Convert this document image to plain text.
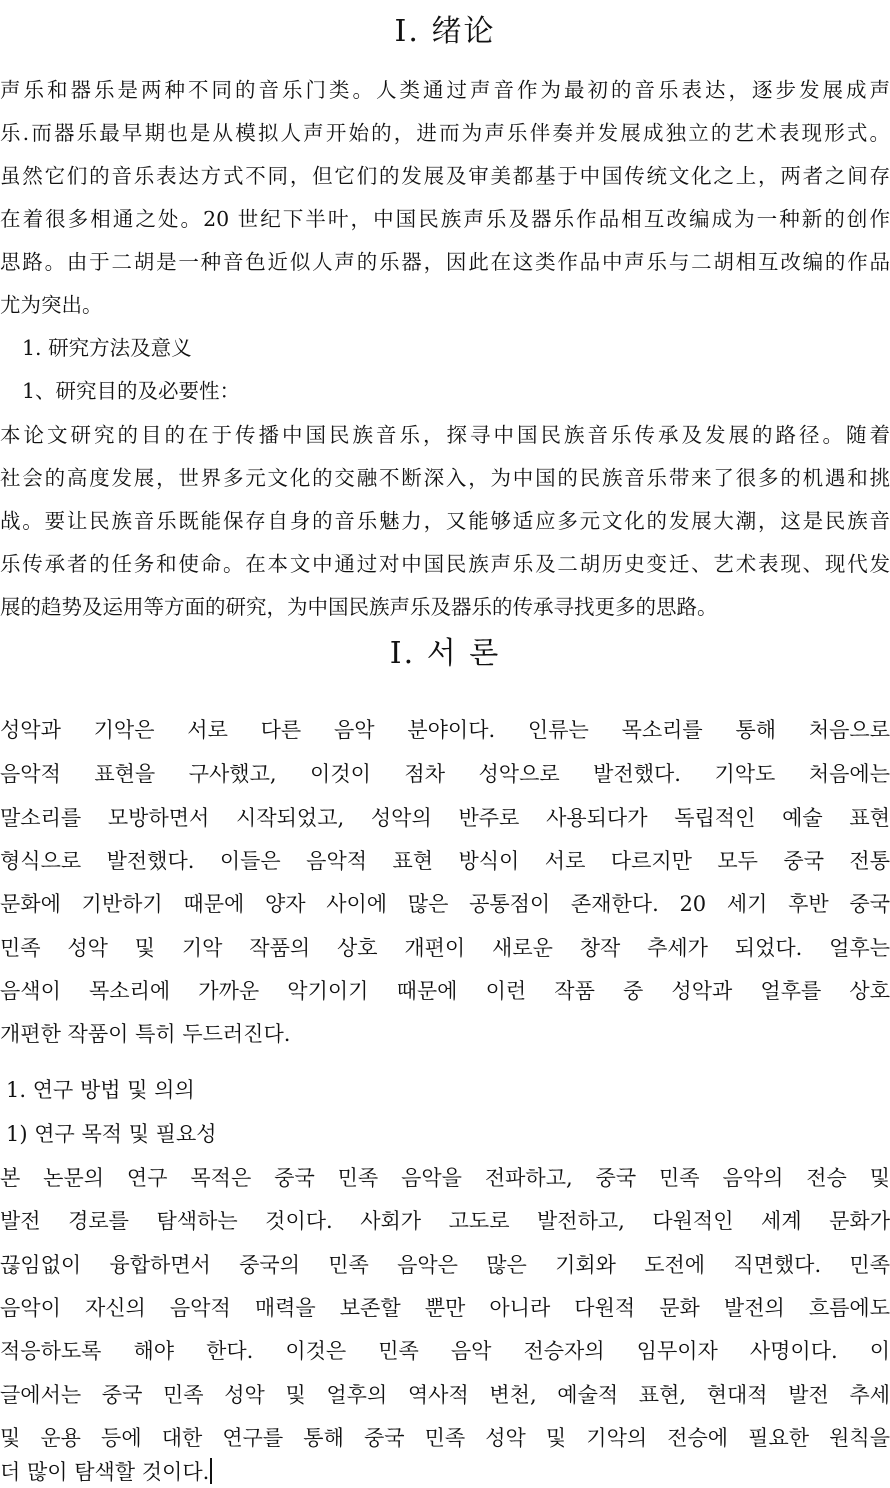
I. 绪论
声乐和器乐是两种不同的音乐门类。人类通过声音作为最初的音乐表达，逐步发展成声
乐.而器乐最早期也是从模拟人声开始的，进而为声乐伴奏并发展成独立的艺术表现形式。
虽然它们的音乐表达方式不同，但它们的发展及审美都基于中国传统文化之上，两者之间存
在着很多相通之处。20 世纪下半叶，中国民族声乐及器乐作品相互改编成为一种新的创作
思路。由于二胡是一种音色近似人声的乐器，因此在这类作品中声乐与二胡相互改编的作品
尤为突出。
1. 研究方法及意义
1、研究目的及必要性：
本论文研究的目的在于传播中国民族音乐，探寻中国民族音乐传承及发展的路径。随着
社会的高度发展，世界多元文化的交融不断深入，为中国的民族音乐带来了很多的机遇和挑
战。要让民族音乐既能保存自身的音乐魅力，又能够适应多元文化的发展大潮，这是民族音
乐传承者的任务和使命。在本文中通过对中国民族声乐及二胡历史变迁、艺术表现、现代发
展的趋势及运用等方面的研究，为中国民族声乐及器乐的传承寻找更多的思路。
I. 서 론
성악과 기악은 서로 다른 음악 분야이다. 인류는 목소리를 통해 처음으로
음악적 표현을 구사했고, 이것이 점차 성악으로 발전했다. 기악도 처음에는
말소리를 모방하면서 시작되었고, 성악의 반주로 사용되다가 독립적인 예술 표현
형식으로 발전했다. 이들은 음악적 표현 방식이 서로 다르지만 모두 중국 전통
문화에 기반하기 때문에 양자 사이에 많은 공통점이 존재한다. 20 세기 후반 중국
민족 성악 및 기악 작품의 상호 개편이 새로운 창작 추세가 되었다. 얼후는
음색이 목소리에 가까운 악기이기 때문에 이런 작품 중 성악과 얼후를 상호
개편한 작품이 특히 두드러진다.
1. 연구 방법 및 의의
1) 연구 목적 및 필요성
본 논문의 연구 목적은 중국 민족 음악을 전파하고, 중국 민족 음악의 전승 및
발전 경로를 탐색하는 것이다. 사회가 고도로 발전하고, 다원적인 세계 문화가
끊임없이 융합하면서 중국의 민족 음악은 많은 기회와 도전에 직면했다. 민족
음악이 자신의 음악적 매력을 보존할 뿐만 아니라 다원적 문화 발전의 흐름에도
적응하도록 해야 한다. 이것은 민족 음악 전승자의 임무이자 사명이다. 이
글에서는 중국 민족 성악 및 얼후의 역사적 변천, 예술적 표현, 현대적 발전 추세
및 운용 등에 대한 연구를 통해 중국 민족 성악 및 기악의 전승에 필요한 원칙을
더 많이 탐색할 것이다.
